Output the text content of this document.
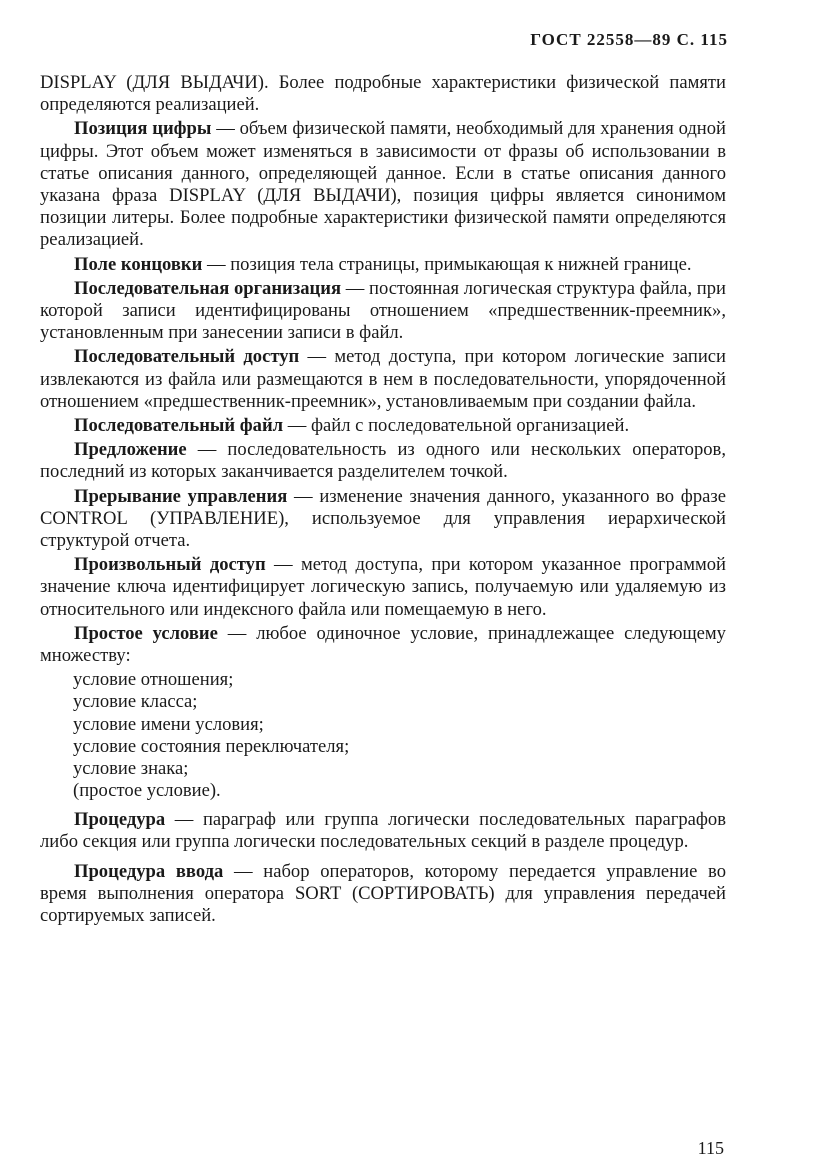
ГОСТ 22558—89 С. 115

DISPLAY (ДЛЯ ВЫДАЧИ). Более подробные характеристики физической памяти определяются реализацией.

Позиция цифры — объем физической памяти, необходимый для хранения одной цифры. Этот объем может изменяться в зависимости от фразы об использовании в статье описания данного, определяющей данное. Если в статье описания данного указана фраза DISPLAY (ДЛЯ ВЫДАЧИ), позиция цифры является синонимом позиции литеры. Более подробные характеристики физической памяти определяются реализацией.

Поле концовки — позиция тела страницы, примыкающая к нижней границе.

Последовательная организация — постоянная логическая структура файла, при которой записи идентифицированы отношением «предшественник-преемник», установленным при занесении записи в файл.

Последовательный доступ — метод доступа, при котором логические записи извлекаются из файла или размещаются в нем в последовательности, упорядоченной отношением «предшественник-преемник», установливаемым при создании файла.

Последовательный файл — файл с последовательной организацией.

Предложение — последовательность из одного или нескольких операторов, последний из которых заканчивается разделителем точкой.

Прерывание управления — изменение значения данного, указанного во фразе CONTROL (УПРАВЛЕНИЕ), используемое для управления иерархической структурой отчета.

Произвольный доступ — метод доступа, при котором указанное программой значение ключа идентифицирует логическую запись, получаемую или удаляемую из относительного или индексного файла или помещаемую в него.

Простое условие — любое одиночное условие, принадлежащее следующему множеству:

условие отношения;
условие класса;
условие имени условия;
условие состояния переключателя;
условие знака;
(простое условие).

Процедура — параграф или группа логически последовательных параграфов либо секция или группа логически последовательных секций в разделе процедур.

Процедура ввода — набор операторов, которому передается управление во время выполнения оператора SORT (СОРТИРОВАТЬ) для управления передачей сортируемых записей.

115
